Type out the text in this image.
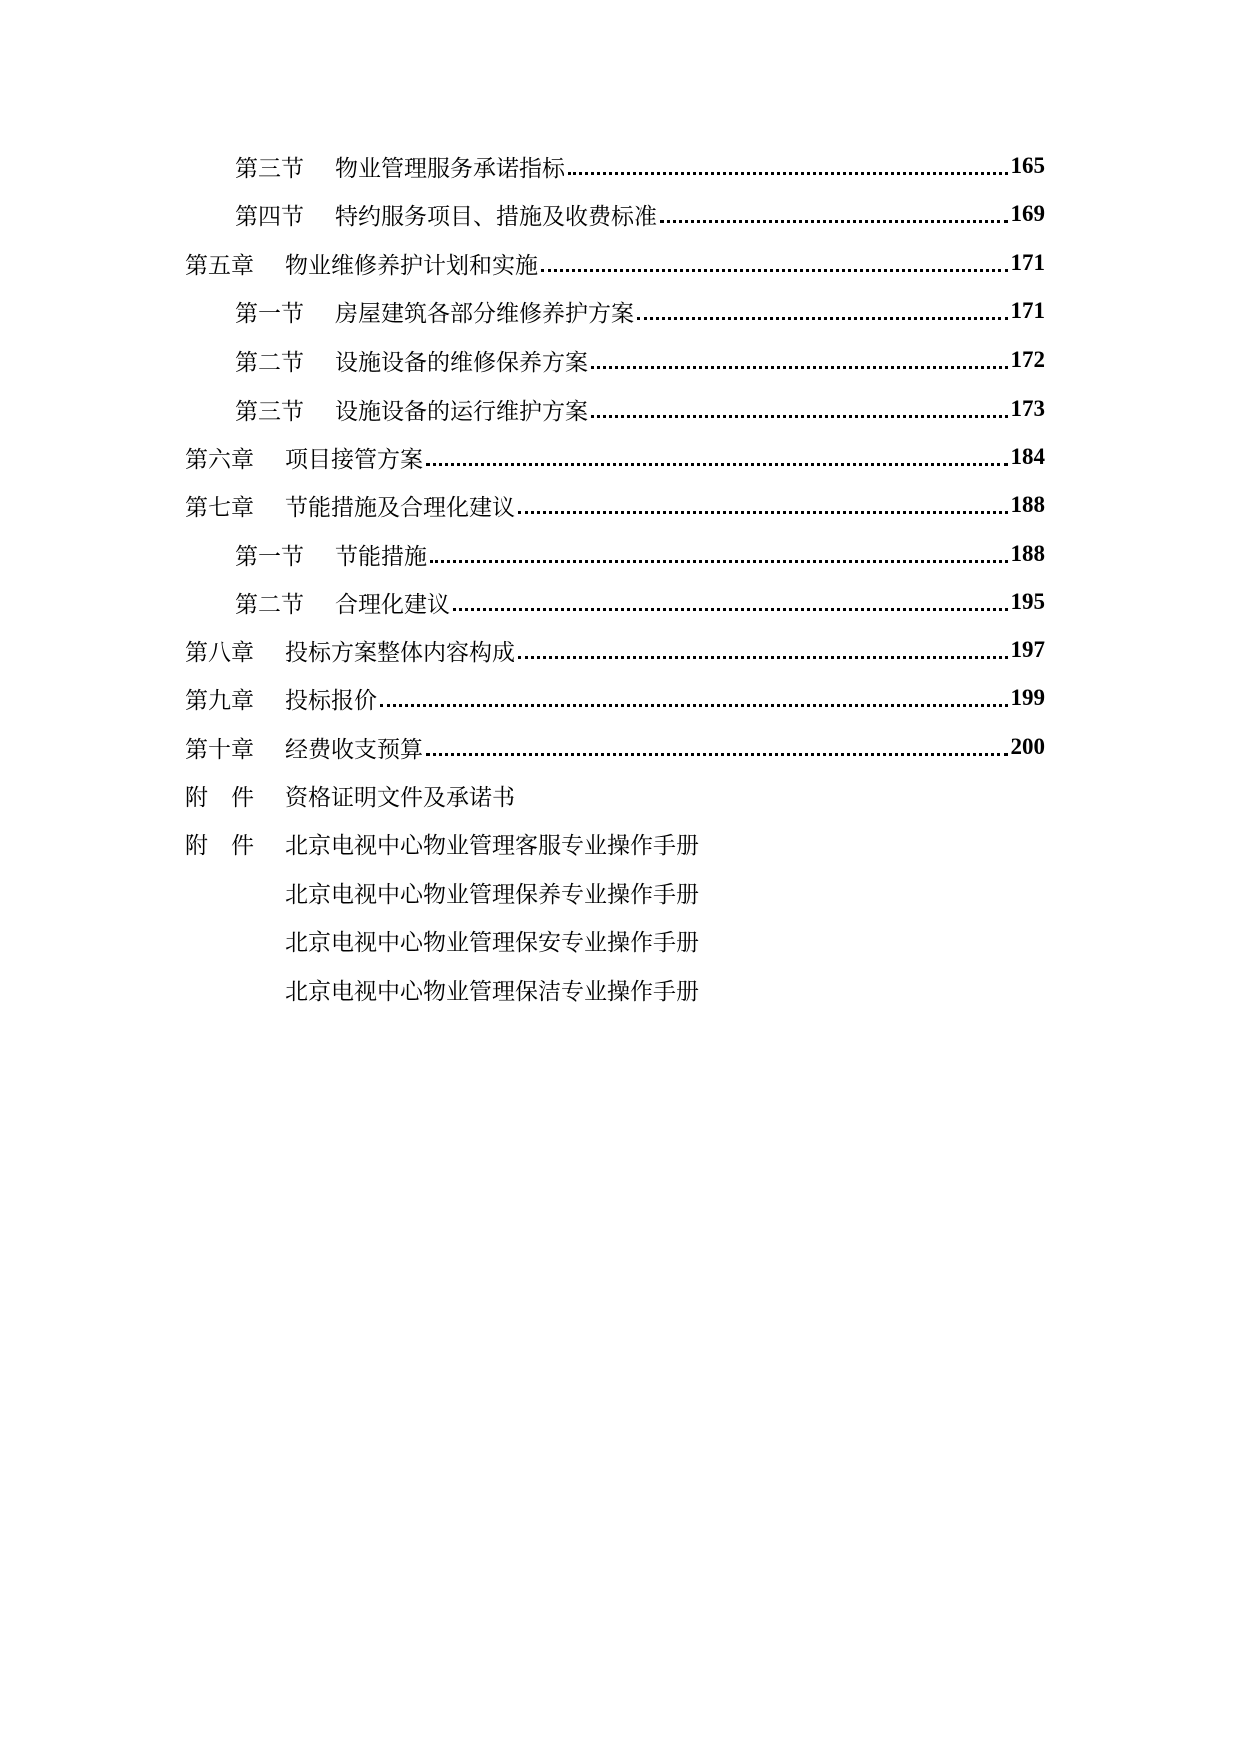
第三节	物业管理服务承诺指标	165
第四节	特约服务项目、措施及收费标准	169
第五章	物业维修养护计划和实施	171
第一节	房屋建筑各部分维修养护方案	171
第二节	设施设备的维修保养方案	172
第三节	设施设备的运行维护方案	173
第六章	项目接管方案	184
第七章	节能措施及合理化建议	188
第一节	节能措施	188
第二节	合理化建议	195
第八章	投标方案整体内容构成	197
第九章	投标报价	199
第十章	经费收支预算	200
附　件	资格证明文件及承诺书
附　件	北京电视中心物业管理客服专业操作手册
北京电视中心物业管理保养专业操作手册
北京电视中心物业管理保安专业操作手册
北京电视中心物业管理保洁专业操作手册
